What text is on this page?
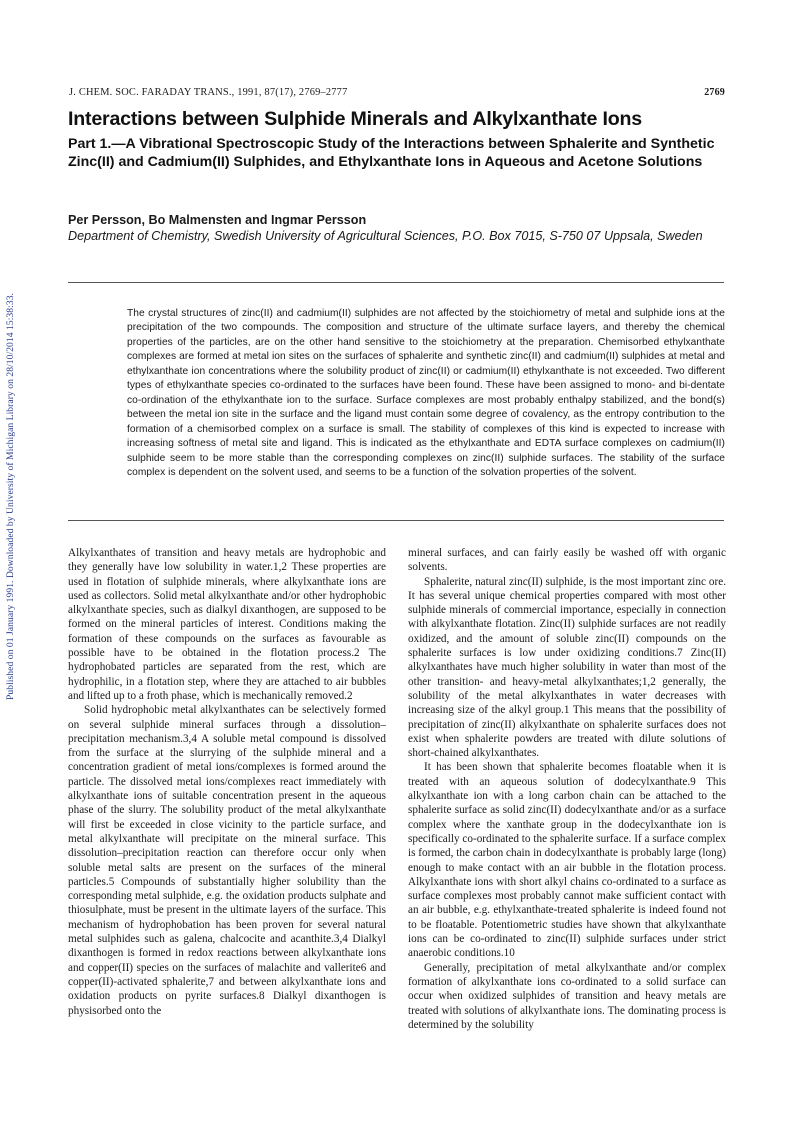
Published on 01 January 1991. Downloaded by University of Michigan Library on 28/10/2014 15:38:33.
J. CHEM. SOC. FARADAY TRANS., 1991, 87(17), 2769–2777	2769
Interactions between Sulphide Minerals and Alkylxanthate Ions
Part 1.—A Vibrational Spectroscopic Study of the Interactions between Sphalerite and Synthetic Zinc(II) and Cadmium(II) Sulphides, and Ethylxanthate Ions in Aqueous and Acetone Solutions
Per Persson, Bo Malmensten and Ingmar Persson
Department of Chemistry, Swedish University of Agricultural Sciences, P.O. Box 7015, S-750 07 Uppsala, Sweden
The crystal structures of zinc(II) and cadmium(II) sulphides are not affected by the stoichiometry of metal and sulphide ions at the precipitation of the two compounds. The composition and structure of the ultimate surface layers, and thereby the chemical properties of the particles, are on the other hand sensitive to the stoichiometry at the preparation. Chemisorbed ethylxanthate complexes are formed at metal ion sites on the surfaces of sphalerite and synthetic zinc(II) and cadmium(II) sulphides at metal and ethylxanthate ion concentrations where the solubility product of zinc(II) or cadmium(II) ethylxanthate is not exceeded. Two different types of ethylxanthate species co-ordinated to the surfaces have been found. These have been assigned to mono- and bi-dentate co-ordination of the ethylxanthate ion to the surface. Surface complexes are most probably enthalpy stabilized, and the bond(s) between the metal ion site in the surface and the ligand must contain some degree of covalency, as the entropy contribution to the formation of a chemisorbed complex on a surface is small. The stability of complexes of this kind is expected to increase with increasing softness of metal site and ligand. This is indicated as the ethylxanthate and EDTA surface complexes on cadmium(II) sulphide seem to be more stable than the corresponding complexes on zinc(II) sulphide surfaces. The stability of the surface complex is dependent on the solvent used, and seems to be a function of the solvation properties of the solvent.

Alkylxanthates of transition and heavy metals are hydrophobic and they generally have low solubility in water.1,2 These properties are used in flotation of sulphide minerals, where alkylxanthate ions are used as collectors. Solid metal alkylxanthate and/or other hydrophobic alkylxanthate species, such as dialkyl dixanthogen, are supposed to be formed on the mineral particles of interest. Conditions making the formation of these compounds on the surfaces as favourable as possible have to be obtained in the flotation process.2 The hydrophobated particles are separated from the rest, which are hydrophilic, in a flotation step, where they are attached to air bubbles and lifted up to a froth phase, which is mechanically removed.2

Solid hydrophobic metal alkylxanthates can be selectively formed on several sulphide mineral surfaces through a dissolution–precipitation mechanism.3,4 A soluble metal compound is dissolved from the surface at the slurrying of the sulphide mineral and a concentration gradient of metal ions/complexes is formed around the particle. The dissolved metal ions/complexes react immediately with alkylxanthate ions of suitable concentration present in the aqueous phase of the slurry. The solubility product of the metal alkylxanthate will first be exceeded in close vicinity to the particle surface, and metal alkylxanthate will precipitate on the mineral surface. This dissolution–precipitation reaction can therefore occur only when soluble metal salts are present on the surfaces of the mineral particles.5 Compounds of substantially higher solubility than the corresponding metal sulphide, e.g. the oxidation products sulphate and thiosulphate, must be present in the ultimate layers of the surface. This mechanism of hydrophobation has been proven for several natural metal sulphides such as galena, chalcocite and acanthite.3,4 Dialkyl dixanthogen is formed in redox reactions between alkylxanthate ions and copper(II) species on the surfaces of malachite and vallerite6 and copper(II)-activated sphalerite,7 and between alkylxanthate ions and oxidation products on pyrite surfaces.8 Dialkyl dixanthogen is physisorbed onto the

mineral surfaces, and can fairly easily be washed off with organic solvents.

Sphalerite, natural zinc(II) sulphide, is the most important zinc ore. It has several unique chemical properties compared with most other sulphide minerals of commercial importance, especially in connection with alkylxanthate flotation. Zinc(II) sulphide surfaces are not readily oxidized, and the amount of soluble zinc(II) compounds on the sphalerite surfaces is low under oxidizing conditions.7 Zinc(II) alkylxanthates have much higher solubility in water than most of the other transition- and heavy-metal alkylxanthates;1,2 generally, the solubility of the metal alkylxanthates in water decreases with increasing size of the alkyl group.1 This means that the possibility of precipitation of zinc(II) alkylxanthate on sphalerite surfaces does not exist when sphalerite powders are treated with dilute solutions of short-chained alkylxanthates.

It has been shown that sphalerite becomes floatable when it is treated with an aqueous solution of dodecylxanthate.9 This alkylxanthate ion with a long carbon chain can be attached to the sphalerite surface as solid zinc(II) dodecylxanthate and/or as a surface complex where the xanthate group in the dodecylxanthate ion is specifically co-ordinated to the sphalerite surface. If a surface complex is formed, the carbon chain in dodecylxanthate is probably large (long) enough to make contact with an air bubble in the flotation process. Alkylxanthate ions with short alkyl chains co-ordinated to a surface as surface complexes most probably cannot make sufficient contact with an air bubble, e.g. ethylxanthate-treated sphalerite is indeed found not to be floatable. Potentiometric studies have shown that alkylxanthate ions can be co-ordinated to zinc(II) sulphide surfaces under strict anaerobic conditions.10

Generally, precipitation of metal alkylxanthate and/or complex formation of alkylxanthate ions co-ordinated to a solid surface can occur when oxidized sulphides of transition and heavy metals are treated with solutions of alkylxanthate ions. The dominating process is determined by the solubility
